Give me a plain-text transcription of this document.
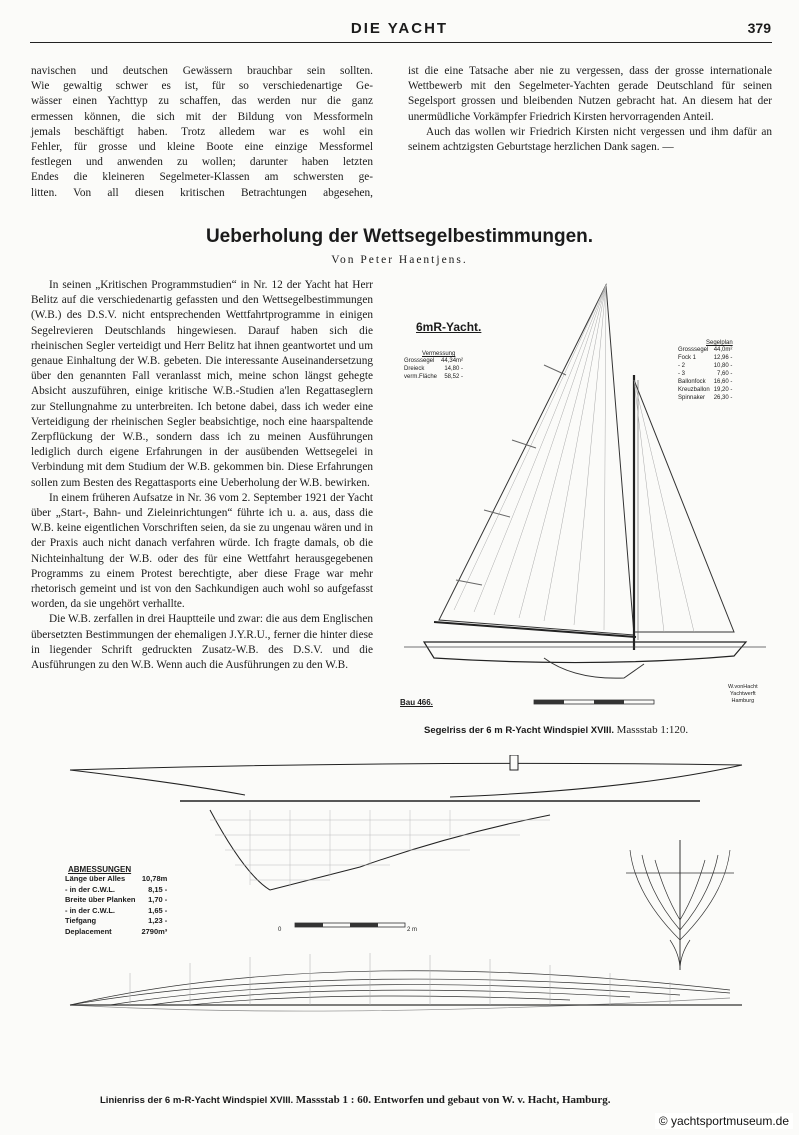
DIE YACHT	379
navischen und deutschen Gewässern brauchbar sein sollten.
Wie gewaltig schwer es ist, für so verschiedenartige Ge-
wässer einen Yachttyp zu schaffen, das werden nur die ganz
ermessen können, die sich mit der Bildung von Messformeln
jemals beschäftigt haben. Trotz alledem war es wohl ein
Fehler, für grosse und kleine Boote eine einzige Messformel
festlegen und anwenden zu wollen; darunter haben letzten
Endes die kleineren Segelmeter-Klassen am schwersten ge-
litten. Von all diesen kritischen Betrachtungen abgesehen,

ist die eine Tatsache aber nie zu vergessen, dass der grosse internationale Wettbewerb mit den Segelmeter-Yachten gerade Deutschland für seinen Segelsport grossen und bleibenden Nutzen gebracht hat. An diesem hat der unermüdliche Vorkämpfer Friedrich Kirsten hervorragenden Anteil.

Auch das wollen wir Friedrich Kirsten nicht vergessen und ihm dafür an seinem achtzigsten Geburtstage herzlichen Dank sagen. —

Ueberholung der Wettsegelbestimmungen.
Von Peter Haentjens.

In seinen „Kritischen Programmstudien“ in Nr. 12 der Yacht hat Herr Belitz auf die verschiedenartig gefassten und den Wettsegelbestimmungen (W.B.) des D.S.V. nicht entsprechenden Wettfahrtprogramme in einigen Segelrevieren Deutschlands hingewiesen. Darauf haben sich die rheinischen Segler verteidigt und Herr Belitz hat ihnen geantwortet und um genaue Einhaltung der W.B. gebeten. Die interessante Auseinandersetzung über den genannten Fall veranlasst mich, meine schon längst gehegte Absicht auszuführen, einige kritische W.B.-Studien a'len Regattaseglern zur Stellungnahme zu unterbreiten. Ich betone dabei, dass ich weder eine Verteidigung der rheinischen Segler beabsichtige, noch eine haarspaltende Zerpflückung der W.B., sondern dass ich zu meinen Ausführungen lediglich durch eigene Erfahrungen in der ausübenden Wettsegelei in Verbindung mit dem Studium der W.B. gekommen bin. Diese Erfahrungen sollen zum Besten des Regattasports eine Ueberholung der W.B. bewirken.

In einem früheren Aufsatze in Nr. 36 vom 2. September 1921 der Yacht über „Start-, Bahn- und Zieleinrichtungen“ führte ich u. a. aus, dass die W.B. keine eigentlichen Vorschriften seien, da sie zu ungenau wären und in der Praxis auch nicht danach verfahren würde. Ich fragte damals, ob die Nichteinhaltung der W.B. oder des für eine Wettfahrt herausgegebenen Programms zu einem Protest berechtigte, aber diese Frage war mehr rhetorisch gemeint und ist von den Sachkundigen auch wohl so aufgefasst worden, da sie ungehört verhallte.

Die W.B. zerfallen in drei Hauptteile und zwar: die aus dem Englischen übersetzten Bestimmungen der ehemaligen J.Y.R.U., ferner die hinter diese in liegender Schrift gedruckten Zusatz-W.B. des D.S.V. und die Ausführungen zu den W.B. Wenn auch die Ausführungen zu den W.B.

6mR-Yacht.
Vermessung
Grosssegel	44,34m²
Dreieck	14,80 -
verm.Fläche	58,52 -
Segelplan
Grosssegel	44,0m²
Fock 1	12,96 -
- 2	10,80 -
- 3	7,60 -
Ballonfock	16,60 -
Kreuzballon	19,20 -
Spinnaker	26,30 -
Bau 466.
W.vonHacht
Yachtwerft
Hamburg
Segelriss der 6 m R-Yacht Windspiel XVIII. Massstab 1:120.
0	2 m
ABMESSUNGEN
Länge über Alles	10,78m
- in der C.W.L.	8,15 -
Breite über Planken	1,70 -
- in der C.W.L.	1,65 -
Tiefgang	1,23 -
Deplacement	2790m³
Linienriss der 6 m-R-Yacht Windspiel XVIII. Massstab 1 : 60. Entworfen und gebaut von W. v. Hacht, Hamburg.
© yachtsportmuseum.de
